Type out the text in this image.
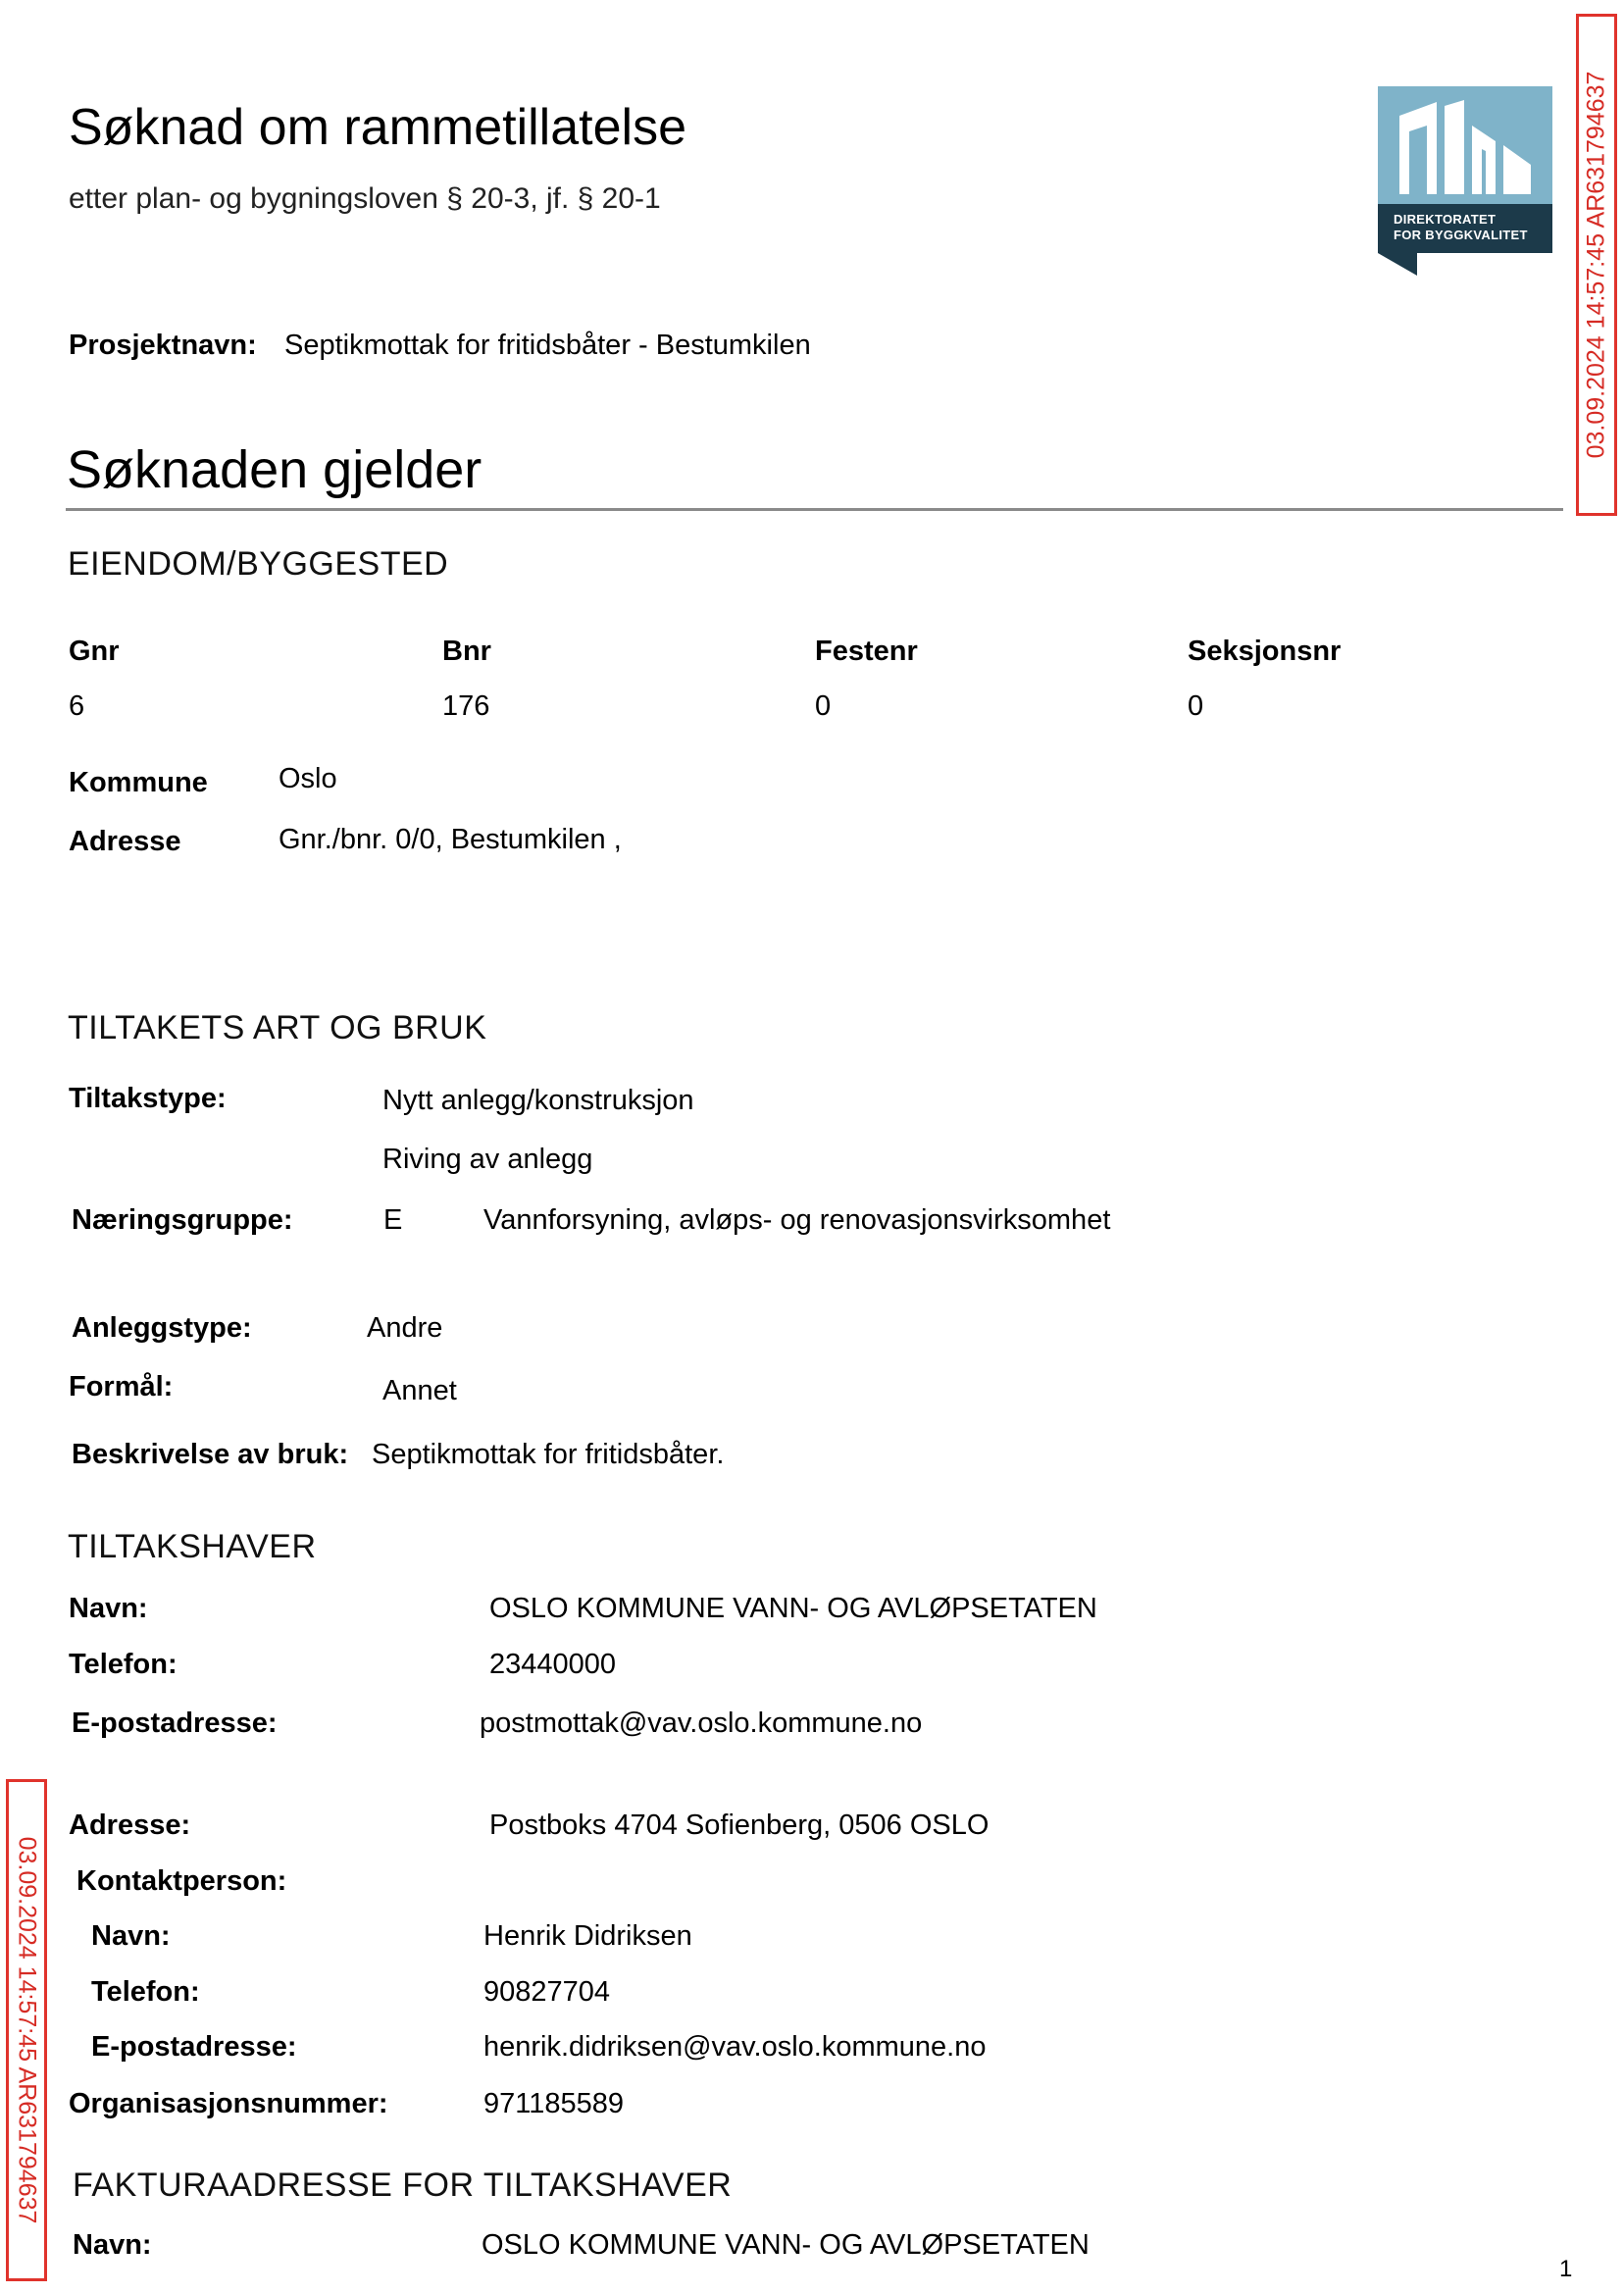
Søknad om rammetillatelse
etter plan- og bygningsloven § 20-3, jf. § 20-1
Prosjektnavn: Septikmottak for fritidsbåter - Bestumkilen
DIREKTORATET
FOR BYGGKVALITET	03.09.2024 14:57:45 AR631794637
03.09.2024 14:57:45 AR631794637
Søknaden gjelder
EIENDOM/BYGGESTED
Gnr	Bnr	Festenr	Seksjonsnr
6	176	0	0
Kommune Oslo
Adresse	Gnr./bnr. 0/0, Bestumkilen ,
TILTAKETS ART OG BRUK
Tiltakstype:	Nytt anlegg/konstruksjon
Riving av anlegg
Næringsgruppe:	E	Vannforsyning, avløps- og renovasjonsvirksomhet
Anleggstype:	Andre
Formål:	Annet
Beskrivelse av bruk: Septikmottak for fritidsbåter.
TILTAKSHAVER
Navn:	OSLO KOMMUNE VANN- OG AVLØPSETATEN
Telefon:	23440000
E-postadresse:	postmottak@vav.oslo.kommune.no
Adresse:	Postboks 4704 Sofienberg, 0506 OSLO
Kontaktperson:
Navn:	Henrik Didriksen
Telefon:	90827704
E-postadresse:	henrik.didriksen@vav.oslo.kommune.no
Organisasjonsnummer:	971185589
FAKTURAADRESSE FOR TILTAKSHAVER
Navn:	OSLO KOMMUNE VANN- OG AVLØPSETATEN
1
